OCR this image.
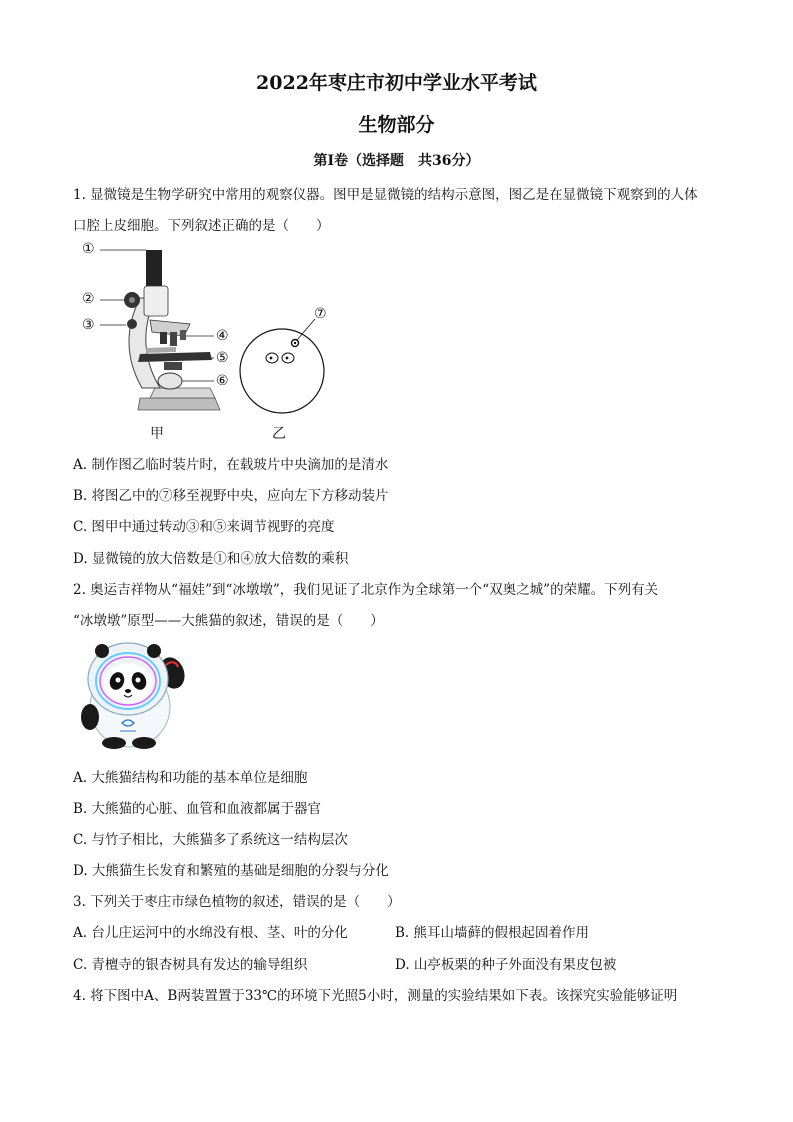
2022年枣庄市初中学业水平考试
生物部分
第Ⅰ卷（选择题　共36分）
1. 显微镜是生物学研究中常用的观察仪器。图甲是显微镜的结构示意图，图乙是在显微镜下观察到的人体
口腔上皮细胞。下列叙述正确的是（　　）
①
②
③
④
⑤
⑥
甲
⑦
乙
A. 制作图乙临时装片时，在载玻片中央滴加的是清水
B. 将图乙中的⑦移至视野中央，应向左下方移动装片
C. 图甲中通过转动③和⑤来调节视野的亮度
D. 显微镜的放大倍数是①和④放大倍数的乘积
2. 奥运吉祥物从“福娃”到“冰墩墩”，我们见证了北京作为全球第一个“双奥之城”的荣耀。下列有关
“冰墩墩”原型——大熊猫的叙述，错误的是（　　）
A. 大熊猫结构和功能的基本单位是细胞
B. 大熊猫的心脏、血管和血液都属于器官
C. 与竹子相比，大熊猫多了系统这一结构层次
D. 大熊猫生长发育和繁殖的基础是细胞的分裂与分化
3. 下列关于枣庄市绿色植物的叙述，错误的是（　　）
A. 台儿庄运河中的水绵没有根、茎、叶的分化	B. 熊耳山墙藓的假根起固着作用
C. 青檀寺的银杏树具有发达的输导组织	D. 山亭板栗的种子外面没有果皮包被
4. 将下图中A、B两装置置于33℃的环境下光照5小时，测量的实验结果如下表。该探究实验能够证明
